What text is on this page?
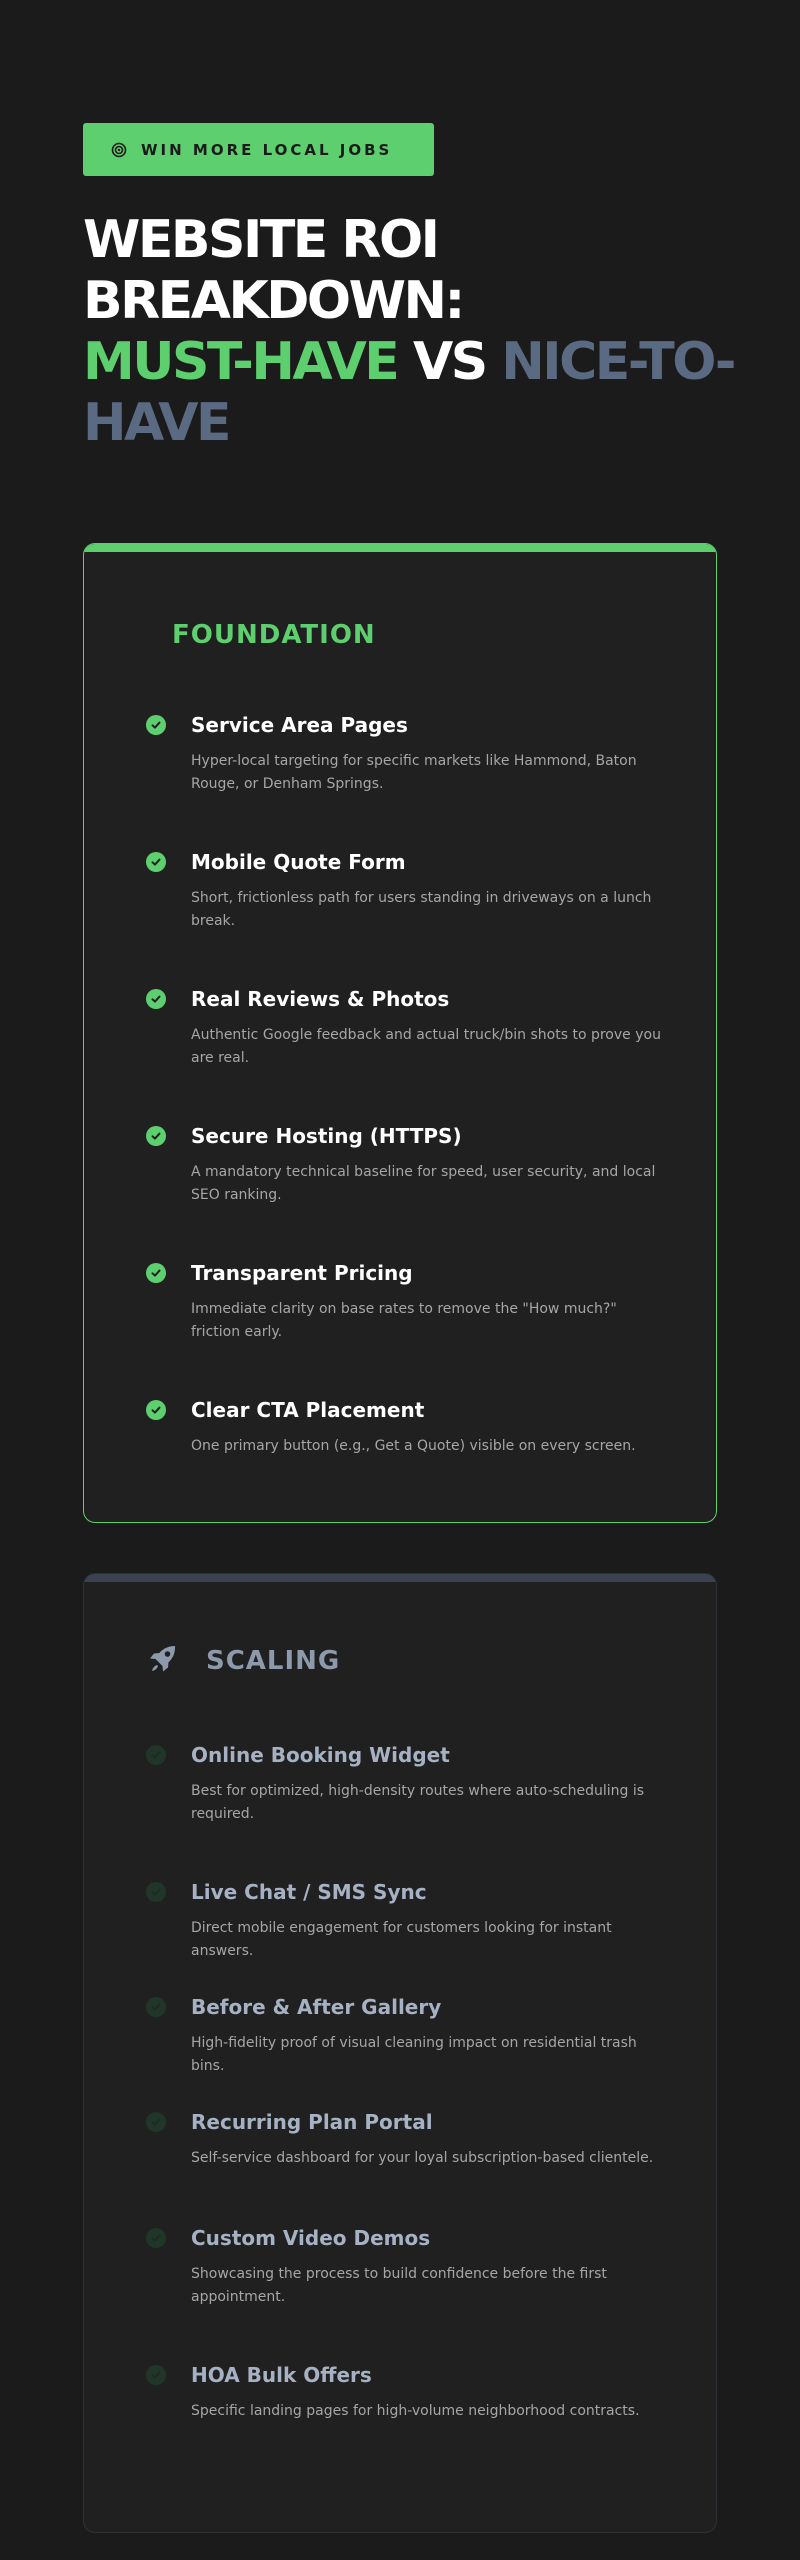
WIN MORE LOCAL JOBS
WEBSITE ROI
BREAKDOWN:
MUST-HAVE VS NICE-TO-HAVE
FOUNDATION
Service Area Pages
Hyper-local targeting for specific markets like Hammond, Baton Rouge, or Denham Springs.
Mobile Quote Form
Short, frictionless path for users standing in driveways on a lunch break.
Real Reviews & Photos
Authentic Google feedback and actual truck/bin shots to prove you are real.
Secure Hosting (HTTPS)
A mandatory technical baseline for speed, user security, and local SEO ranking.
Transparent Pricing
Immediate clarity on base rates to remove the "How much?" friction early.
Clear CTA Placement
One primary button (e.g., Get a Quote) visible on every screen.
SCALING
Online Booking Widget
Best for optimized, high-density routes where auto-scheduling is required.
Live Chat / SMS Sync
Direct mobile engagement for customers looking for instant answers.
Before & After Gallery
High-fidelity proof of visual cleaning impact on residential trash bins.
Recurring Plan Portal
Self-service dashboard for your loyal subscription-based clientele.
Custom Video Demos
Showcasing the process to build confidence before the first appointment.
HOA Bulk Offers
Specific landing pages for high-volume neighborhood contracts.
